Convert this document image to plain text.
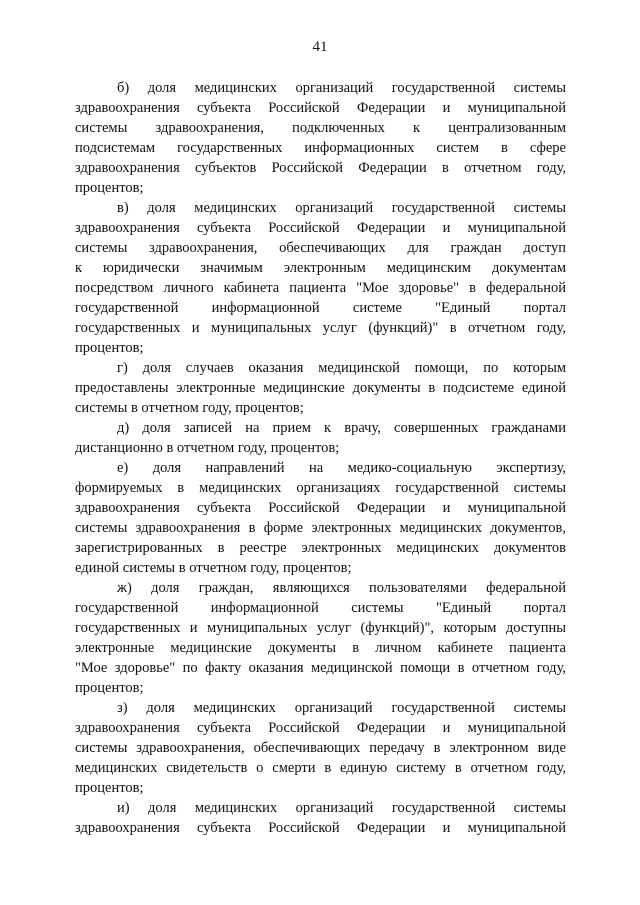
41
б) доля медицинских организаций государственной системы
здравоохранения субъекта Российской Федерации и муниципальной
системы здравоохранения, подключенных к централизованным
подсистемам государственных информационных систем в сфере
здравоохранения субъектов Российской Федерации в отчетном году,
процентов;
в) доля медицинских организаций государственной системы
здравоохранения субъекта Российской Федерации и муниципальной
системы здравоохранения, обеспечивающих для граждан доступ
к юридически значимым электронным медицинским документам
посредством личного кабинета пациента "Мое здоровье" в федеральной
государственной информационной системе "Единый портал
государственных и муниципальных услуг (функций)" в отчетном году,
процентов;
г) доля случаев оказания медицинской помощи, по которым
предоставлены электронные медицинские документы в подсистеме единой
системы в отчетном году, процентов;
д) доля записей на прием к врачу, совершенных гражданами
дистанционно в отчетном году, процентов;
е) доля направлений на медико-социальную экспертизу,
формируемых в медицинских организациях государственной системы
здравоохранения субъекта Российской Федерации и муниципальной
системы здравоохранения в форме электронных медицинских документов,
зарегистрированных в реестре электронных медицинских документов
единой системы в отчетном году, процентов;
ж) доля граждан, являющихся пользователями федеральной
государственной информационной системы "Единый портал
государственных и муниципальных услуг (функций)", которым доступны
электронные медицинские документы в личном кабинете пациента
"Мое здоровье" по факту оказания медицинской помощи в отчетном году,
процентов;
з) доля медицинских организаций государственной системы
здравоохранения субъекта Российской Федерации и муниципальной
системы здравоохранения, обеспечивающих передачу в электронном виде
медицинских свидетельств о смерти в единую систему в отчетном году,
процентов;
и) доля медицинских организаций государственной системы
здравоохранения субъекта Российской Федерации и муниципальной
